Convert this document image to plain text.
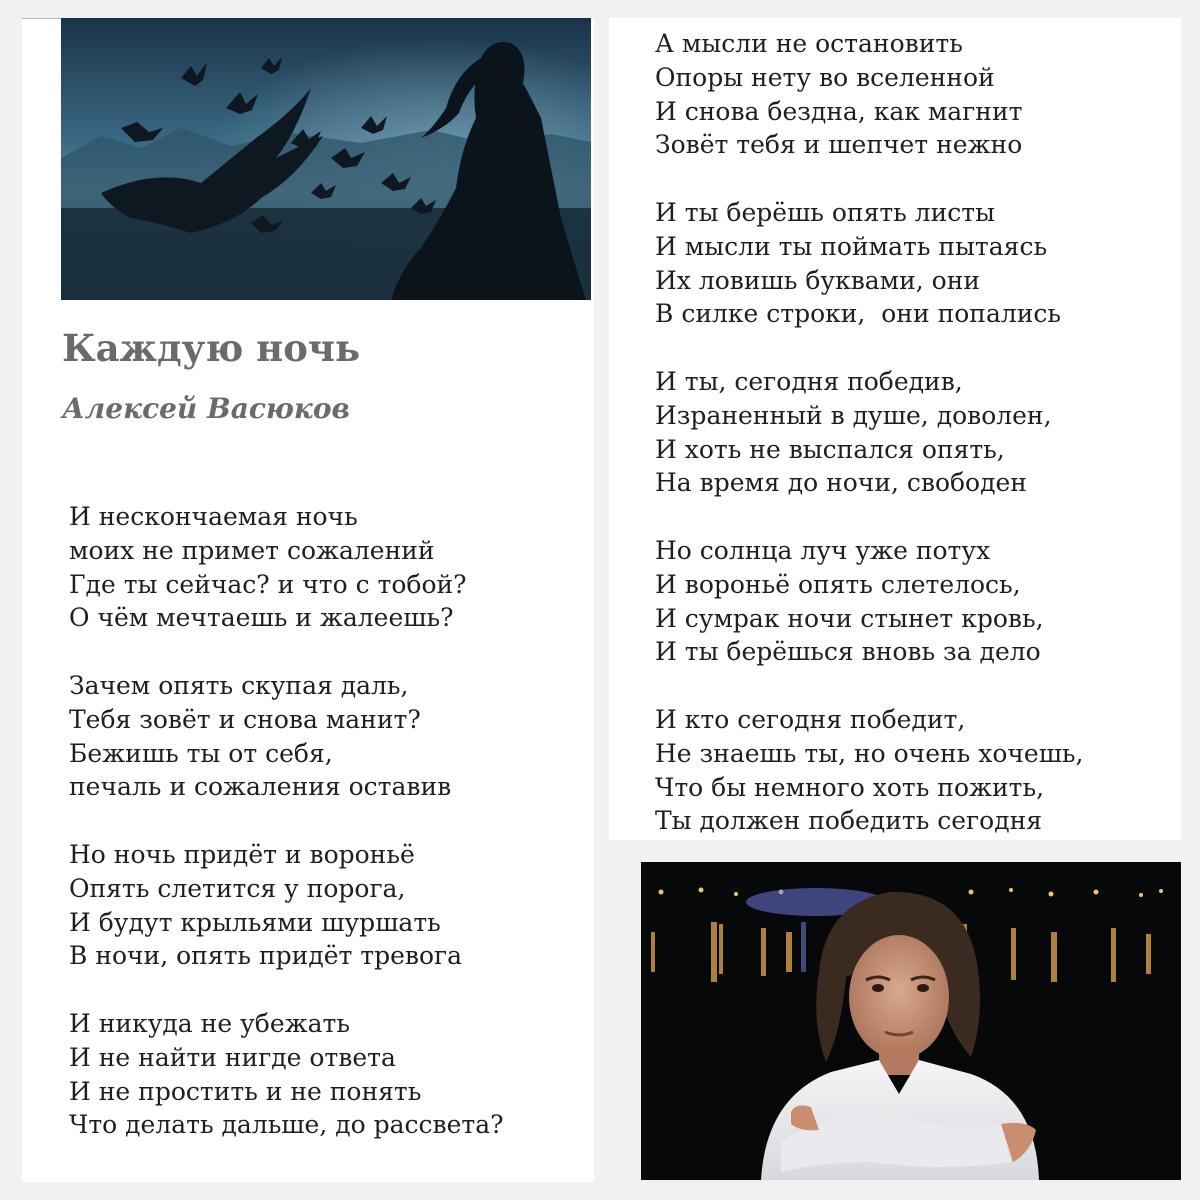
Каждую ночь
Алексей Васюков
И нескончаемая ночь
моих не примет сожалений
Где ты сейчас? и что с тобой?
О чём мечтаешь и жалеешь?
Зачем опять скупая даль,
Тебя зовёт и снова манит?
Бежишь ты от себя,
печаль и сожаления оставив
Но ночь придёт и вороньё
Опять слетится у порога,
И будут крыльями шуршать
В ночи, опять придёт тревога
И никуда не убежать
И не найти нигде ответа
И не простить и не понять
Что делать дальше, до рассвета?
А мысли не остановить
Опоры нету во вселенной
И снова бездна, как магнит
Зовёт тебя и шепчет нежно
И ты берёшь опять листы
И мысли ты поймать пытаясь
Их ловишь буквами, они
В силке строки,  они попались
И ты, сегодня победив,
Израненный в душе, доволен,
И хоть не выспался опять,
На время до ночи, свободен
Но солнца луч уже потух
И вороньё опять слетелось,
И сумрак ночи стынет кровь,
И ты берёшься вновь за дело
И кто сегодня победит,
Не знаешь ты, но очень хочешь,
Что бы немного хоть пожить,
Ты должен победить сегодня
